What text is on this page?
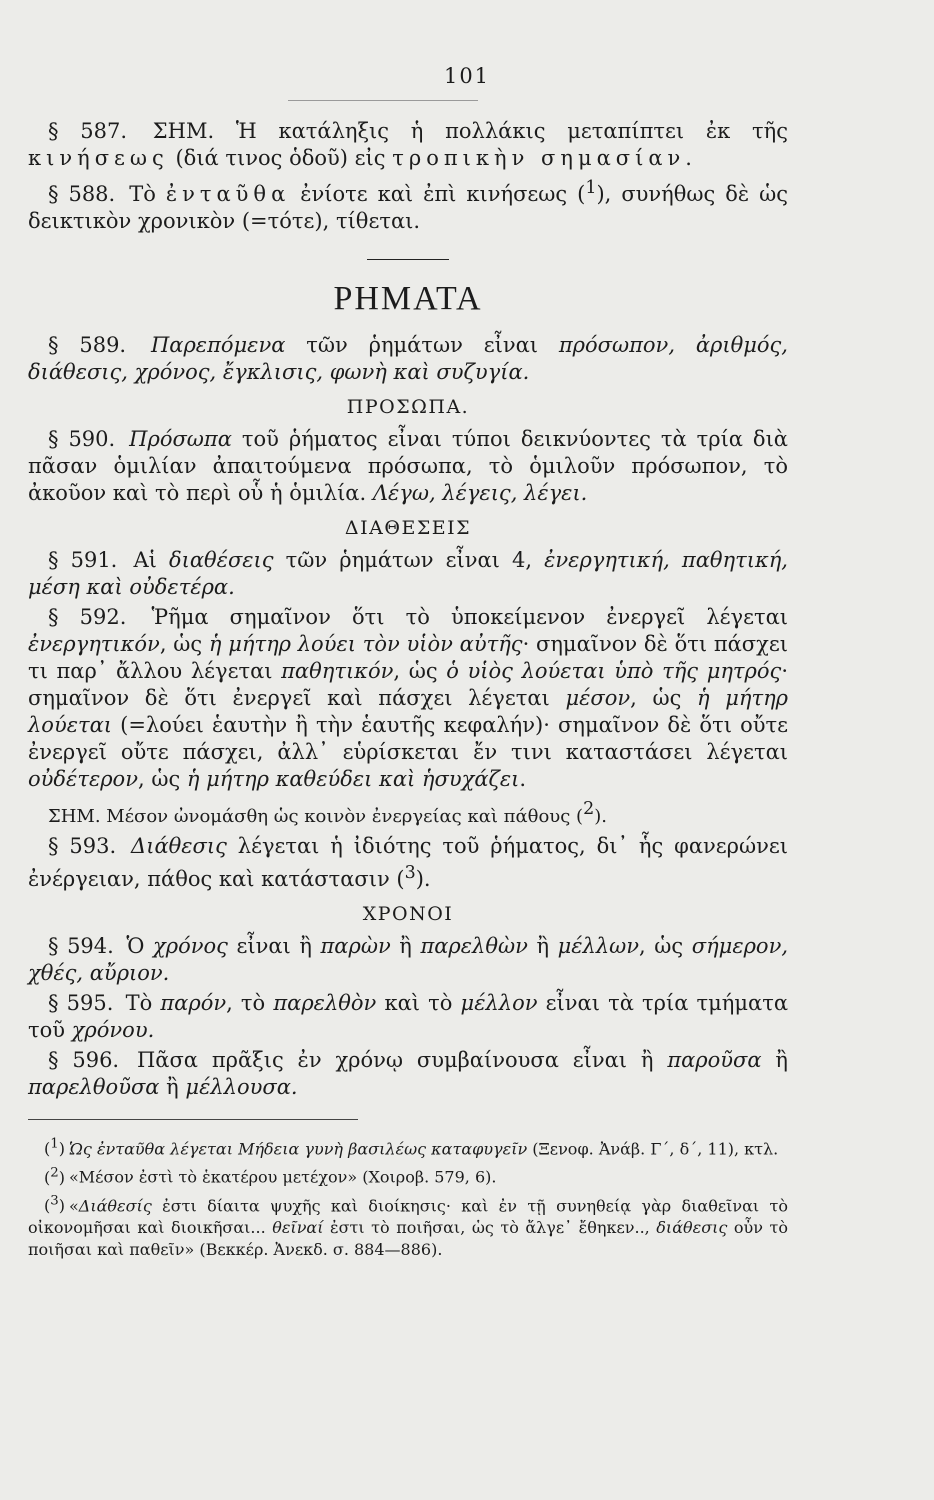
101

§ 587. ΣΗΜ. Ἡ κατάληξις ἡ πολλάκις μεταπίπτει ἐκ τῆς κινήσεως (διά τινος ὁδοῦ) εἰς τροπικὴν σημασίαν.

§ 588. Τὸ ἐνταῦθα ἐνίοτε καὶ ἐπὶ κινήσεως ($^1$), συνήθως δὲ ὡς δεικτικὸν χρονικὸν (=τότε), τίθεται.

ΡΗΜΑΤΑ

§ 589. Παρεπόμενα τῶν ῥημάτων εἶναι πρόσωπον, ἀριθμός, διάθεσις, χρόνος, ἔγκλισις, φωνὴ καὶ συζυγία.

ΠΡΟΣΩΠΑ.

§ 590. Πρόσωπα τοῦ ῥήματος εἶναι τύποι δεικνύοντες τὰ τρία διὰ πᾶσαν ὁμιλίαν ἀπαιτούμενα πρόσωπα, τὸ ὁμιλοῦν πρόσωπον, τὸ ἀκοῦον καὶ τὸ περὶ οὗ ἡ ὁμιλία. Λέγω, λέγεις, λέγει.

ΔΙΑΘΕΣΕΙΣ

§ 591. Αἱ διαθέσεις τῶν ῥημάτων εἶναι 4, ἐνεργητική, παθητική, μέση καὶ οὐδετέρα.

§ 592. Ῥῆμα σημαῖνον ὅτι τὸ ὑποκείμενον ἐνεργεῖ λέγεται ἐνεργητικόν, ὡς ἡ μήτηρ λούει τὸν υἱὸν αὐτῆς· σημαῖνον δὲ ὅτι πάσχει τι παρ᾽ ἄλλου λέγεται παθητικόν, ὡς ὁ υἱὸς λούεται ὑπὸ τῆς μητρός· σημαῖνον δὲ ὅτι ἐνεργεῖ καὶ πάσχει λέγεται μέσον, ὡς ἡ μήτηρ λούεται (=λούει ἑαυτὴν ἢ τὴν ἑαυτῆς κεφαλήν)· σημαῖνον δὲ ὅτι οὔτε ἐνεργεῖ οὔτε πάσχει, ἀλλ᾽ εὑρίσκεται ἔν τινι καταστάσει λέγεται οὐδέτερον, ὡς ἡ μήτηρ καθεύδει καὶ ἡσυχάζει.

ΣΗΜ. Μέσον ὠνομάσθη ὡς κοινὸν ἐνεργείας καὶ πάθους ($^2$).

§ 593. Διάθεσις λέγεται ἡ ἰδιότης τοῦ ῥήματος, δι᾽ ἧς φανερώνει ἐνέργειαν, πάθος καὶ κατάστασιν ($^3$).

ΧΡΟΝΟΙ

§ 594. Ὁ χρόνος εἶναι ἢ παρὼν ἢ παρελθὼν ἢ μέλλων, ὡς σήμερον, χθές, αὔριον.

§ 595. Τὸ παρόν, τὸ παρελθὸν καὶ τὸ μέλλον εἶναι τὰ τρία τμήματα τοῦ χρόνου.

§ 596. Πᾶσα πρᾶξις ἐν χρόνῳ συμβαίνουσα εἶναι ἢ παροῦσα ἢ παρελθοῦσα ἢ μέλλουσα.

($^1$) Ὡς ἐνταῦθα λέγεται Μήδεια γυνὴ βασιλέως καταφυγεῖν (Ξενοφ. Ἀνάβ. Γ΄, δ΄, 11), κτλ.

($^2$) «Μέσον ἐστὶ τὸ ἑκατέρου μετέχον» (Χοιροβ. 579, 6).

($^3$) «Διάθεσίς ἐστι δίαιτα ψυχῆς καὶ διοίκησις· καὶ ἐν τῇ συνηθείᾳ γὰρ διαθεῖναι τὸ οἰκονομῆσαι καὶ διοικῆσαι... θεῖναί ἐστι τὸ ποιῆσαι, ὡς τὸ ἄλγε᾽ ἔθηκεν.., διάθεσις οὖν τὸ ποιῆσαι καὶ παθεῖν» (Βεκκέρ. Ἀνεκδ. σ. 884—886).
